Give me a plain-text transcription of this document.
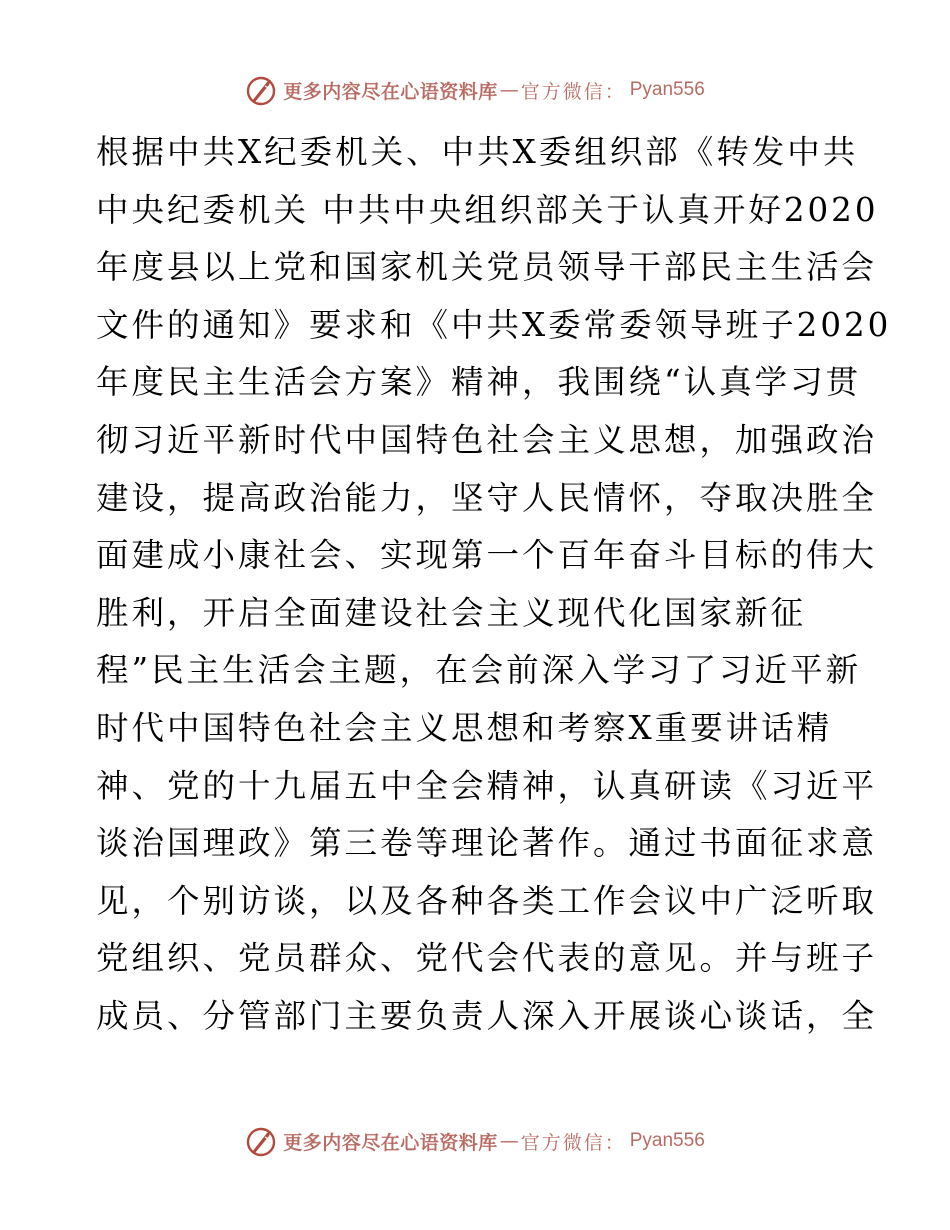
更多内容尽在心语资料库 — 官方微信： Pyan556
根据中共X纪委机关、中共X委组织部《转发中共
中央纪委机关 中共中央组织部关于认真开好2020
年度县以上党和国家机关党员领导干部民主生活会
文件的通知》要求和《中共X委常委领导班子2020
年度民主生活会方案》精神，我围绕“认真学习贯
彻习近平新时代中国特色社会主义思想，加强政治
建设，提高政治能力，坚守人民情怀，夺取决胜全
面建成小康社会、实现第一个百年奋斗目标的伟大
胜利，开启全面建设社会主义现代化国家新征
程”民主生活会主题，在会前深入学习了习近平新
时代中国特色社会主义思想和考察X重要讲话精
神、党的十九届五中全会精神，认真研读《习近平
谈治国理政》第三卷等理论著作。通过书面征求意
见，个别访谈，以及各种各类工作会议中广泛听取
党组织、党员群众、党代会代表的意见。并与班子
成员、分管部门主要负责人深入开展谈心谈话，全
更多内容尽在心语资料库 — 官方微信： Pyan556
